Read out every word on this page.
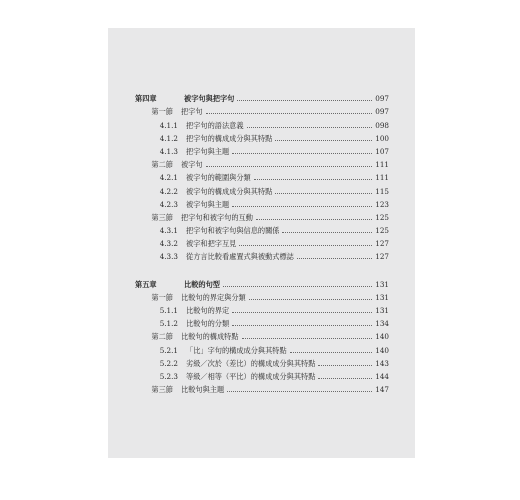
第四章	被字句與把字句	097
第一節 把字句	097
4.1.1 把字句的語法意義	098
4.1.2 把字句的構成成分與其特點	100
4.1.3 把字句與主題	107
第二節 被字句	111
4.2.1 被字句的範圍與分類	111
4.2.2 被字句的構成成分與其特點	115
4.2.3 被字句與主題	123
第三節 把字句和被字句的互動	125
4.3.1 把字句和被字句與信息的關係	125
4.3.2 被字和把字互見	127
4.3.3 從方言比較看處置式與被動式標誌	127
第五章	比較的句型	131
第一節 比較句的界定與分類	131
5.1.1 比較句的界定	131
5.1.2 比較句的分類	134
第二節 比較句的構成特點	140
5.2.1 「比」字句的構成成分與其特點	140
5.2.2 劣級／次於（差比）的構成成分與其特點	143
5.2.3 等級／相等（平比）的構成成分與其特點	144
第三節 比較句與主題	147
